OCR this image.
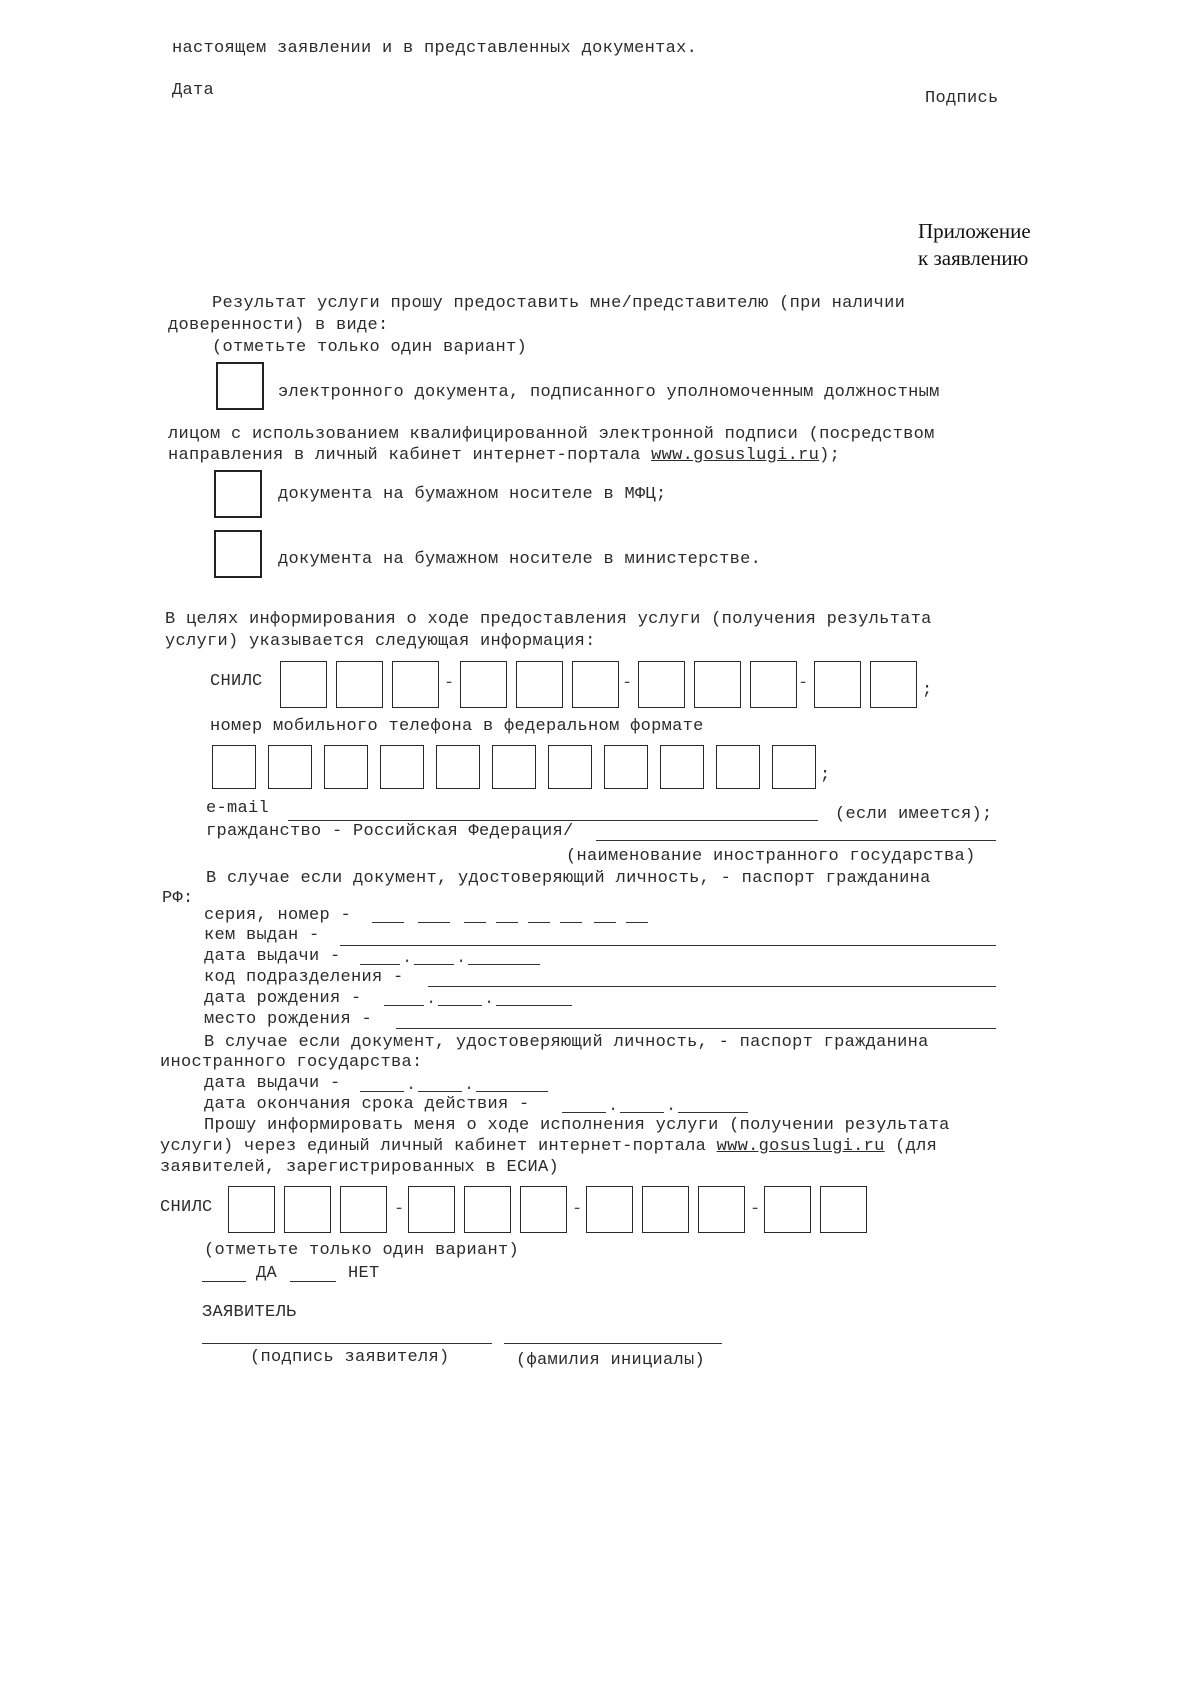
настоящем заявлении и в представленных документах.
Дата	Подпись
Приложение
к заявлению
Результат услуги прошу предоставить мне/представителю (при наличии
доверенности) в виде:
(отметьте только один вариант)
электронного документа, подписанного уполномоченным должностным
лицом с использованием квалифицированной электронной подписи (посредством
направления в личный кабинет интернет-портала www.gosuslugi.ru);
документа на бумажном носителе в МФЦ;
документа на бумажном носителе в министерстве.
В целях информирования о ходе предоставления услуги (получения результата
услуги) указывается следующая информация:
СНИЛС	-	-	-	;
номер мобильного телефона в федеральном формате
;
e-mail	(если имеется);
гражданство - Российская Федерация/
(наименование иностранного государства)
В случае если документ, удостоверяющий личность, - паспорт гражданина
РФ:
серия, номер -
кем выдан -
дата выдачи -	.	.
код подразделения -
дата рождения -	.	.
место рождения -
В случае если документ, удостоверяющий личность, - паспорт гражданина
иностранного государства:
дата выдачи -	.	.
дата окончания срока действия -	.	.
Прошу информировать меня о ходе исполнения услуги (получении результата
услуги) через единый личный кабинет интернет-портала www.gosuslugi.ru (для
заявителей, зарегистрированных в ЕСИА)
СНИЛС	-	-	-
(отметьте только один вариант)
ДА	НЕТ
ЗАЯВИТЕЛЬ
(подпись заявителя)	(фамилия инициалы)
